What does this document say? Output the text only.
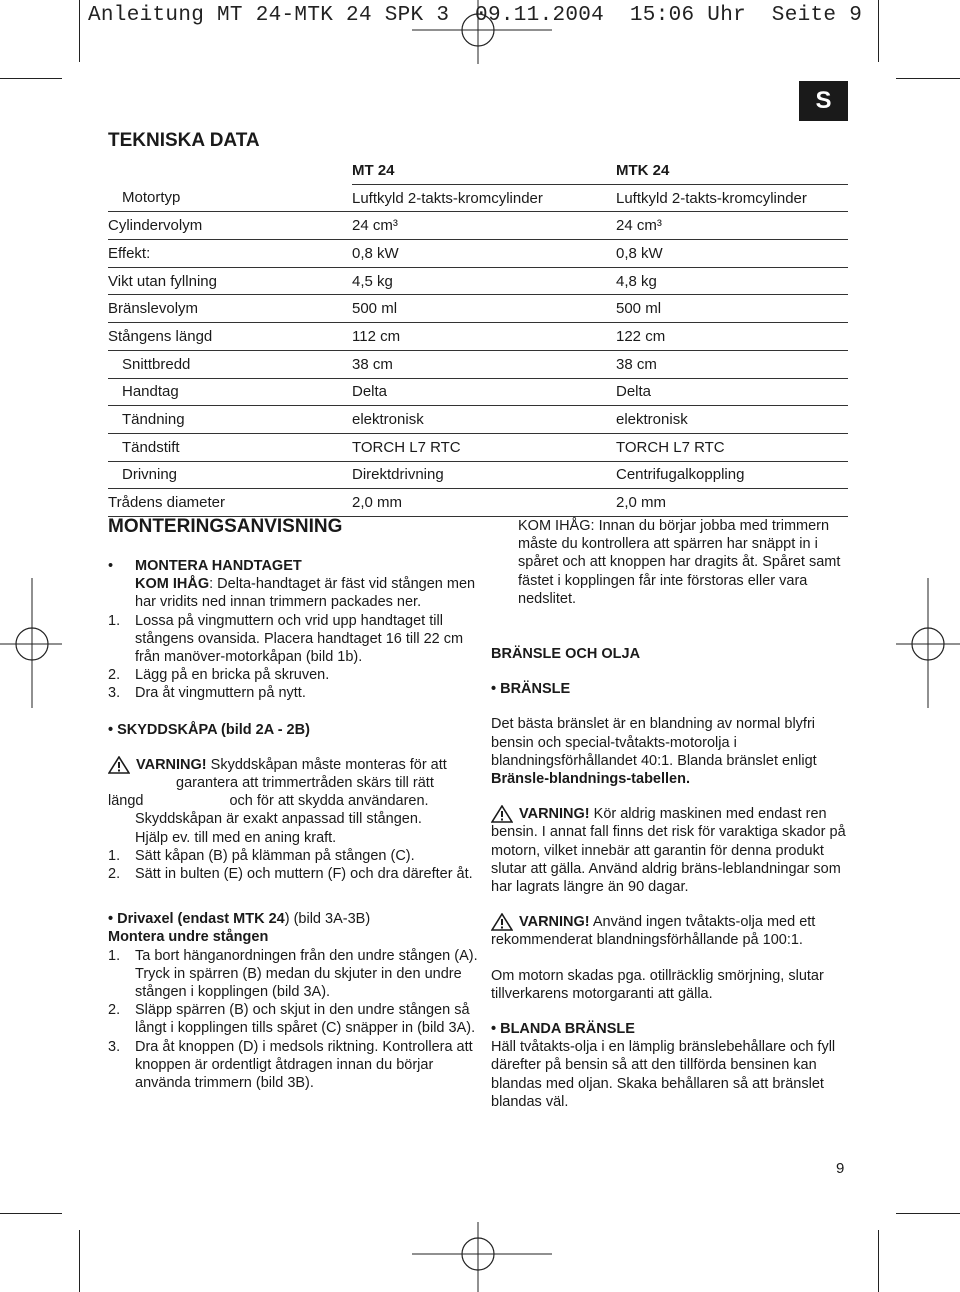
Anleitung MT 24-MTK 24 SPK 3  09.11.2004  15:06 Uhr  Seite 9
S
TEKNISKA DATA
	MT 24	MTK 24
Motortyp	Luftkyld 2-takts-kromcylinder	Luftkyld 2-takts-kromcylinder
Cylindervolym	24 cm³	24 cm³
Effekt:	0,8 kW	0,8 kW
Vikt utan fyllning	4,5 kg	4,8 kg
Bränslevolym	500 ml	500 ml
Stångens längd	112 cm	122 cm
Snittbredd	38 cm	38 cm
Handtag	Delta	Delta
Tändning	elektronisk	elektronisk
Tändstift	TORCH L7 RTC	TORCH L7 RTC
Drivning	Direktdrivning	Centrifugalkoppling
Trådens diameter	2,0 mm	2,0 mm
MONTERINGSANVISNING
•	MONTERA HANDTAGET
KOM IHÅG: Delta-handtaget är fäst vid stången men har vridits ned innan trimmern packades ner.
1.	Lossa på vingmuttern och vrid upp handtaget till stångens ovansida. Placera handtaget 16 till 22 cm från manöver-motorkåpan (bild 1b).
2.	Lägg på en bricka på skruven.
3.	Dra åt vingmuttern på nytt.
• SKYDDSKÅPA (bild 2A - 2B)
VARNING! Skyddskåpan måste monteras för att
garantera att trimmertråden skärs till rätt
längd	och för att skydda användaren.
Skyddskåpan är exakt anpassad till stången.
Hjälp ev. till med en aning kraft.
1.	Sätt kåpan (B) på klämman på stången (C).
2.	Sätt in bulten (E) och muttern (F) och dra därefter åt.
• Drivaxel (endast MTK 24) (bild 3A-3B)
Montera undre stången
1.	Ta bort hänganordningen från den undre stången (A). Tryck in spärren (B) medan du skjuter in den undre stången i kopplingen (bild 3A).
2.	Släpp spärren (B) och skjut in den undre stången så långt i kopplingen tills spåret (C) snäpper in (bild 3A).
3.	Dra åt knoppen (D) i medsols riktning. Kontrollera att knoppen är ordentligt åtdragen innan du börjar använda trimmern (bild 3B).

KOM IHÅG: Innan du börjar jobba med trimmern måste du kontrollera att spärren har snäppt in i spåret och att knoppen har dragits åt. Spåret samt fästet i kopplingen får inte förstoras eller vara nedslitet.

BRÄNSLE OCH OLJA

• BRÄNSLE

Det bästa bränslet är en blandning av normal blyfri bensin och special-tvåtakts-motorolja i blandningsförhållandet 40:1. Blanda bränslet enligt Bränsle-blandnings-tabellen.

VARNING! Kör aldrig maskinen med endast ren

bensin. I annat fall finns det risk för varaktiga skador på motorn, vilket innebär att garantin för denna produkt slutar att gälla. Använd aldrig bräns-leblandningar som har lagrats längre än 90 dagar.

VARNING! Använd ingen tvåtakts-olja med ett

rekommenderat blandningsförhållande på 100:1.

Om motorn skadas pga. otillräcklig smörjning, slutar tillverkarens motorgaranti att gälla.

• BLANDA BRÄNSLE

Häll tvåtakts-olja i en lämplig bränslebehållare och fyll därefter på bensin så att den tillförda bensinen kan blandas med oljan. Skaka behållaren så att bränslet blandas väl.

9
